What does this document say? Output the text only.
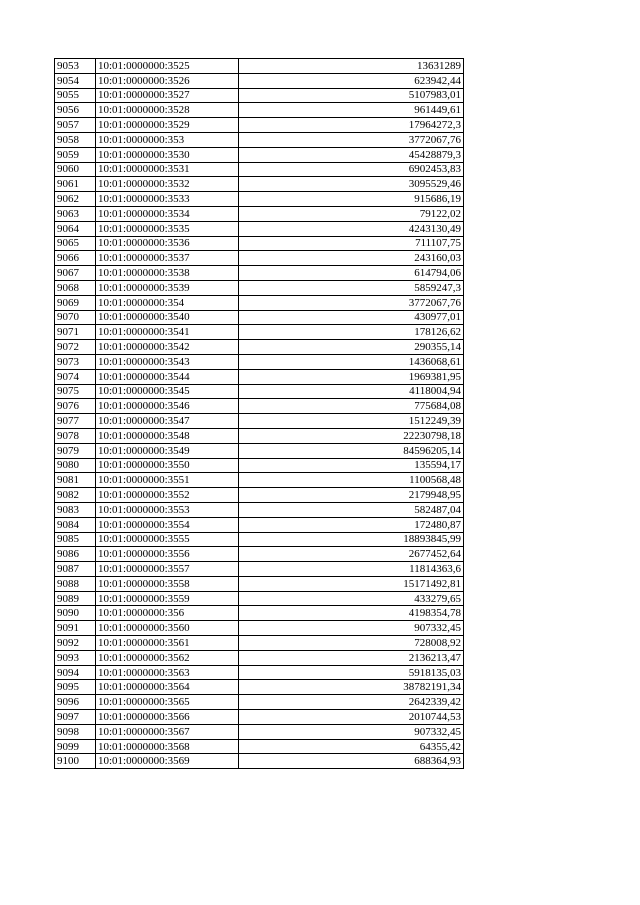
9053	10:01:0000000:3525	13631289
9054	10:01:0000000:3526	623942,44
9055	10:01:0000000:3527	5107983,01
9056	10:01:0000000:3528	961449,61
9057	10:01:0000000:3529	17964272,3
9058	10:01:0000000:353	3772067,76
9059	10:01:0000000:3530	45428879,3
9060	10:01:0000000:3531	6902453,83
9061	10:01:0000000:3532	3095529,46
9062	10:01:0000000:3533	915686,19
9063	10:01:0000000:3534	79122,02
9064	10:01:0000000:3535	4243130,49
9065	10:01:0000000:3536	711107,75
9066	10:01:0000000:3537	243160,03
9067	10:01:0000000:3538	614794,06
9068	10:01:0000000:3539	5859247,3
9069	10:01:0000000:354	3772067,76
9070	10:01:0000000:3540	430977,01
9071	10:01:0000000:3541	178126,62
9072	10:01:0000000:3542	290355,14
9073	10:01:0000000:3543	1436068,61
9074	10:01:0000000:3544	1969381,95
9075	10:01:0000000:3545	4118004,94
9076	10:01:0000000:3546	775684,08
9077	10:01:0000000:3547	1512249,39
9078	10:01:0000000:3548	22230798,18
9079	10:01:0000000:3549	84596205,14
9080	10:01:0000000:3550	135594,17
9081	10:01:0000000:3551	1100568,48
9082	10:01:0000000:3552	2179948,95
9083	10:01:0000000:3553	582487,04
9084	10:01:0000000:3554	172480,87
9085	10:01:0000000:3555	18893845,99
9086	10:01:0000000:3556	2677452,64
9087	10:01:0000000:3557	11814363,6
9088	10:01:0000000:3558	15171492,81
9089	10:01:0000000:3559	433279,65
9090	10:01:0000000:356	4198354,78
9091	10:01:0000000:3560	907332,45
9092	10:01:0000000:3561	728008,92
9093	10:01:0000000:3562	2136213,47
9094	10:01:0000000:3563	5918135,03
9095	10:01:0000000:3564	38782191,34
9096	10:01:0000000:3565	2642339,42
9097	10:01:0000000:3566	2010744,53
9098	10:01:0000000:3567	907332,45
9099	10:01:0000000:3568	64355,42
9100	10:01:0000000:3569	688364,93
